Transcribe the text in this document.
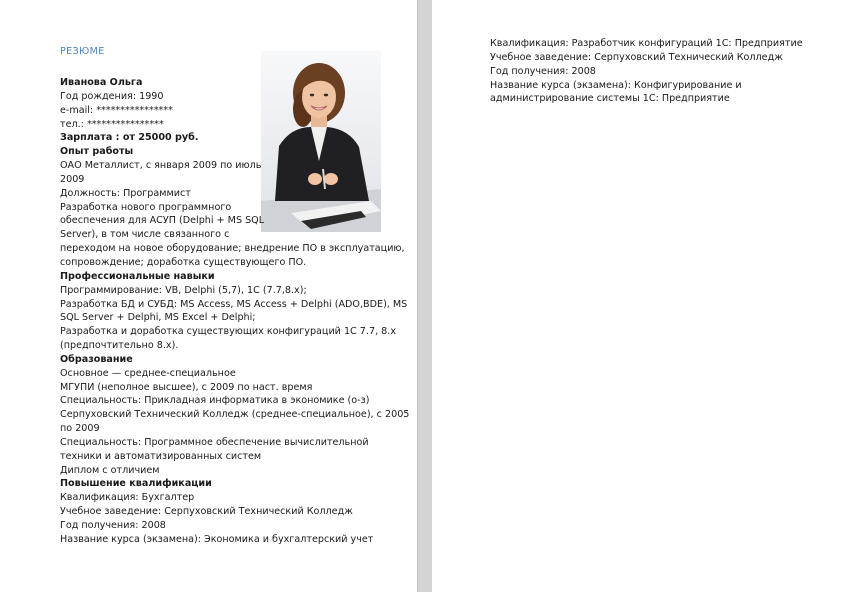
РЕЗЮМЕ
Иванова Ольга
Год рождения: 1990
e-mail: ****************
тел.: ****************
Зарплата : от 25000 руб.
Опыт работы
ОАО Металлист, с января 2009 по июль
2009
Должность: Программист
Разработка нового программного
обеспечения для АСУП (Delphi + MS SQL
Server), в том числе связанного с
переходом на новое оборудование; внедрение ПО в эксплуатацию,
сопровождение; доработка существующего ПО.
Профессиональные навыки
Программирование: VB, Delphi (5,7), 1С (7.7,8.x);
Разработка БД и СУБД: MS Access, MS Access + Delphi (ADO,BDE), MS
SQL Server + Delphi, MS Excel + Delphi;
Разработка и доработка существующих конфигураций 1С 7.7, 8.x
(предпочтительно 8.x).
Образование
Основное — среднее-специальное
МГУПИ (неполное высшее), с 2009 по наст. время
Специальность: Прикладная информатика в экономике (о-з)
Серпуховский Технический Колледж (среднее-специальное), с 2005
по 2009
Специальность: Программное обеспечение вычислительной
техники и автоматизированных систем
Диплом с отличием
Повышение квалификации
Квалификация: Бухгалтер
Учебное заведение: Серпуховский Технический Колледж
Год получения: 2008
Название курса (экзамена): Экономика и бухгалтерский учет
Квалификация: Разработчик конфигураций 1С: Предприятие
Учебное заведение: Серпуховский Технический Колледж
Год получения: 2008
Название курса (экзамена): Конфигурирование и
администрирование системы 1С: Предприятие
